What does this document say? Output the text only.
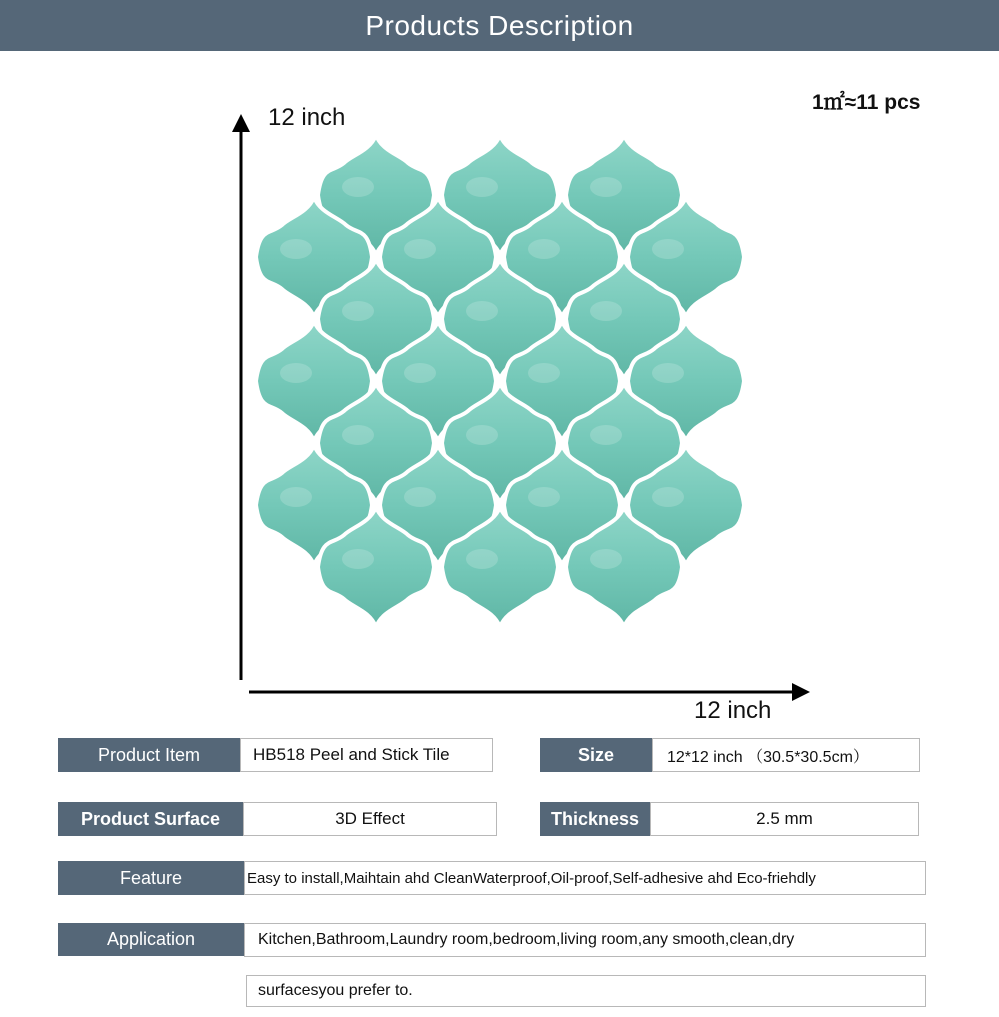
Products Description
1㎡≈11 pcs
12 inch
12 inch
Product Item	HB518 Peel and Stick Tile	Size	12*12 inch （30.5*30.5cm）
Product Surface	3D Effect	Thickness	2.5 mm
Feature	Easy to install,Maihtain ahd CleanWaterproof,Oil-proof,Self-adhesive ahd Eco-friehdly
Application	Kitchen,Bathroom,Laundry room,bedroom,living room,any smooth,clean,dry
surfacesyou prefer to.
